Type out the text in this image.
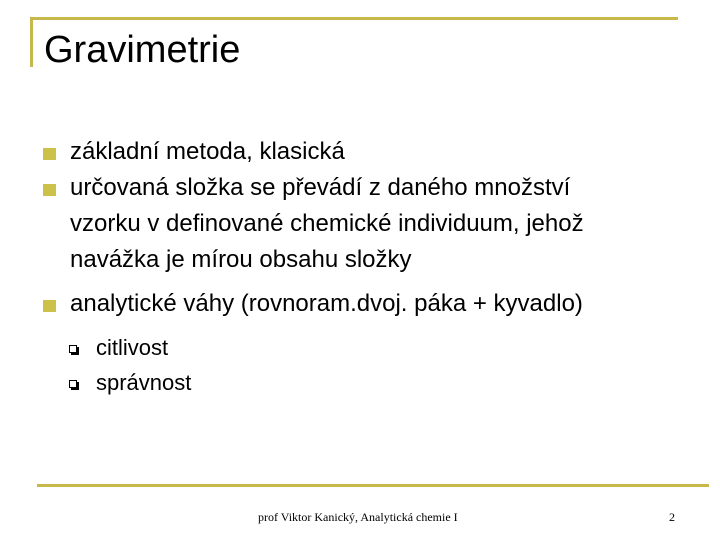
Gravimetrie
základní metoda, klasická
určovaná složka se převádí z daného množství
vzorku v definované chemické individuum, jehož
navážka je mírou obsahu složky
analytické váhy (rovnoram.dvoj. páka + kyvadlo)
citlivost
správnost
prof Viktor Kanický, Analytická chemie I	2
